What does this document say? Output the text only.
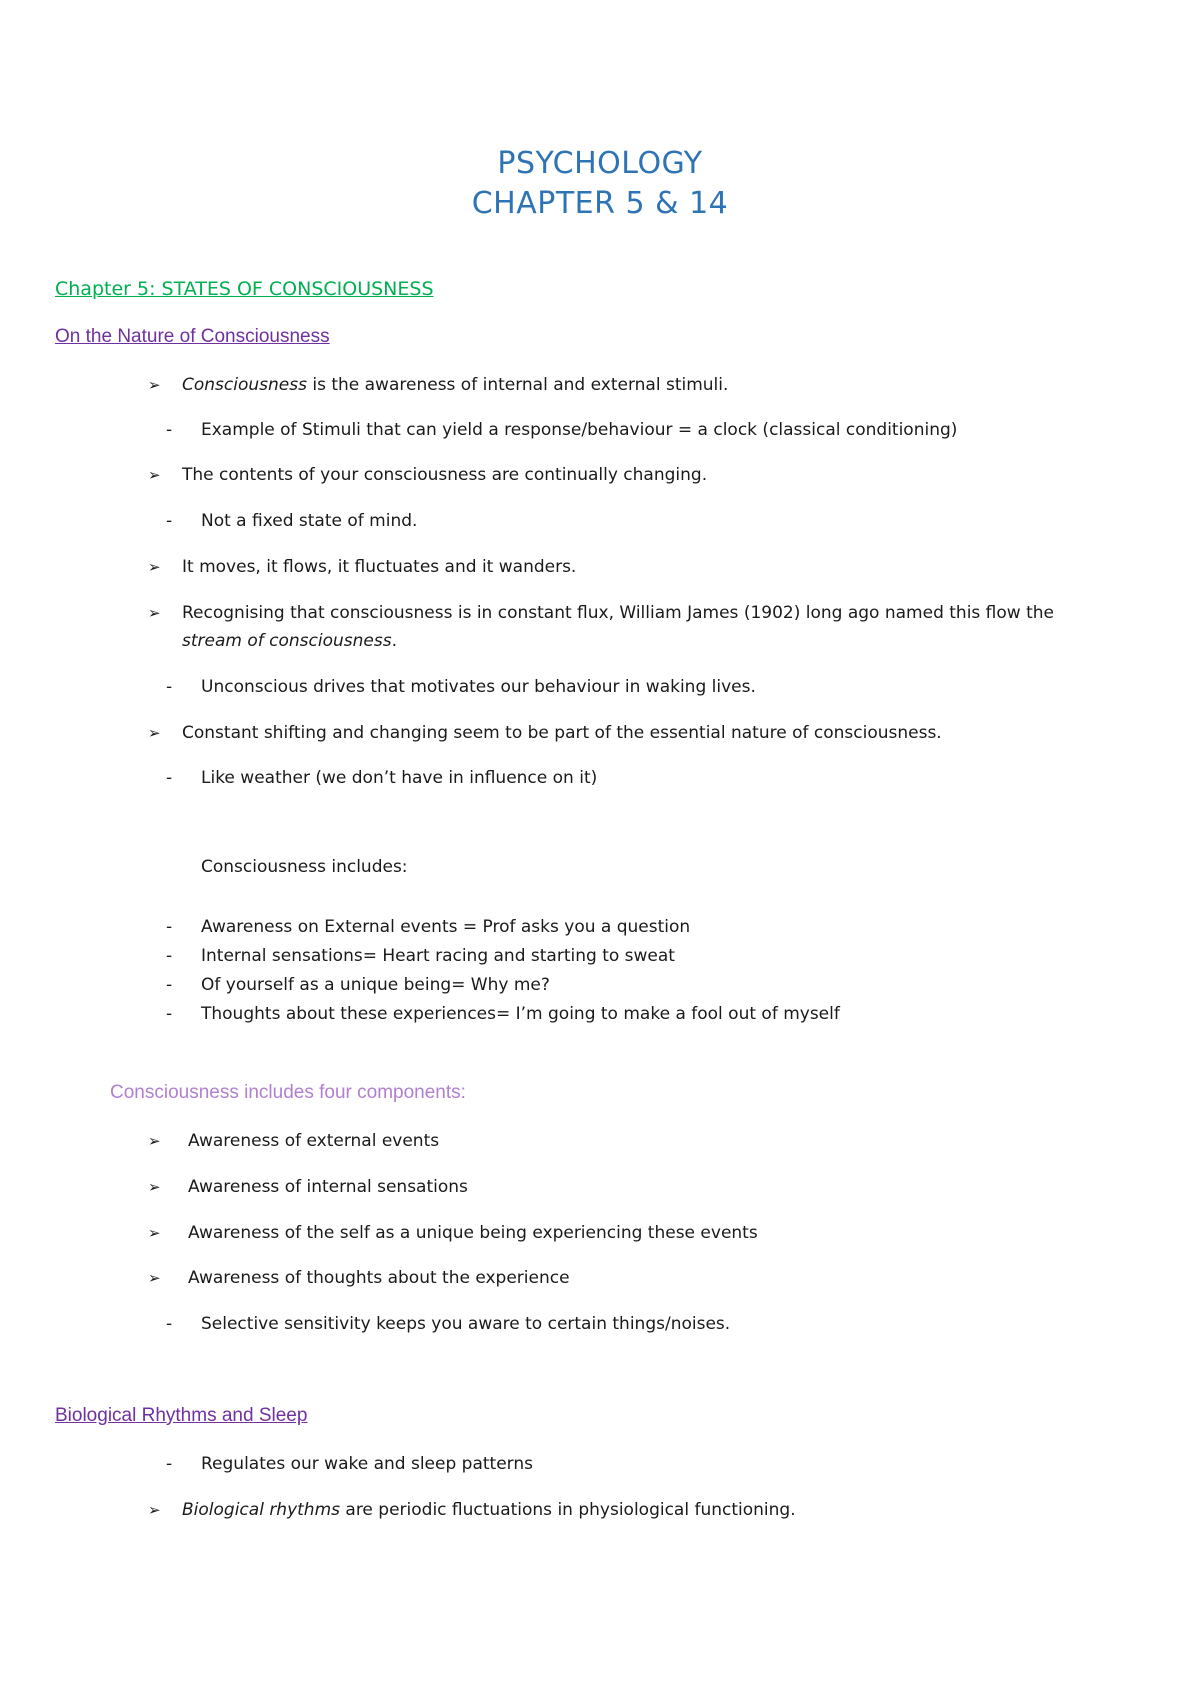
PSYCHOLOGY
CHAPTER 5 & 14
Chapter 5: STATES OF CONSCIOUSNESS
On the Nature of Consciousness
➢ Consciousness is the awareness of internal and external stimuli.
- Example of Stimuli that can yield a response/behaviour = a clock (classical conditioning)
➢ The contents of your consciousness are continually changing.
- Not a fixed state of mind.
➢ It moves, it flows, it fluctuates and it wanders.
➢ Recognising that consciousness is in constant flux, William James (1902) long ago named this flow the
stream of consciousness.
- Unconscious drives that motivates our behaviour in waking lives.
➢ Constant shifting and changing seem to be part of the essential nature of consciousness.
- Like weather (we don’t have in influence on it)
Consciousness includes:
- Awareness on External events = Prof asks you a question
- Internal sensations= Heart racing and starting to sweat
- Of yourself as a unique being= Why me?
- Thoughts about these experiences= I’m going to make a fool out of myself
Consciousness includes four components:
➢ Awareness of external events
➢ Awareness of internal sensations
➢ Awareness of the self as a unique being experiencing these events
➢ Awareness of thoughts about the experience
- Selective sensitivity keeps you aware to certain things/noises.
Biological Rhythms and Sleep
- Regulates our wake and sleep patterns
➢ Biological rhythms are periodic fluctuations in physiological functioning.
